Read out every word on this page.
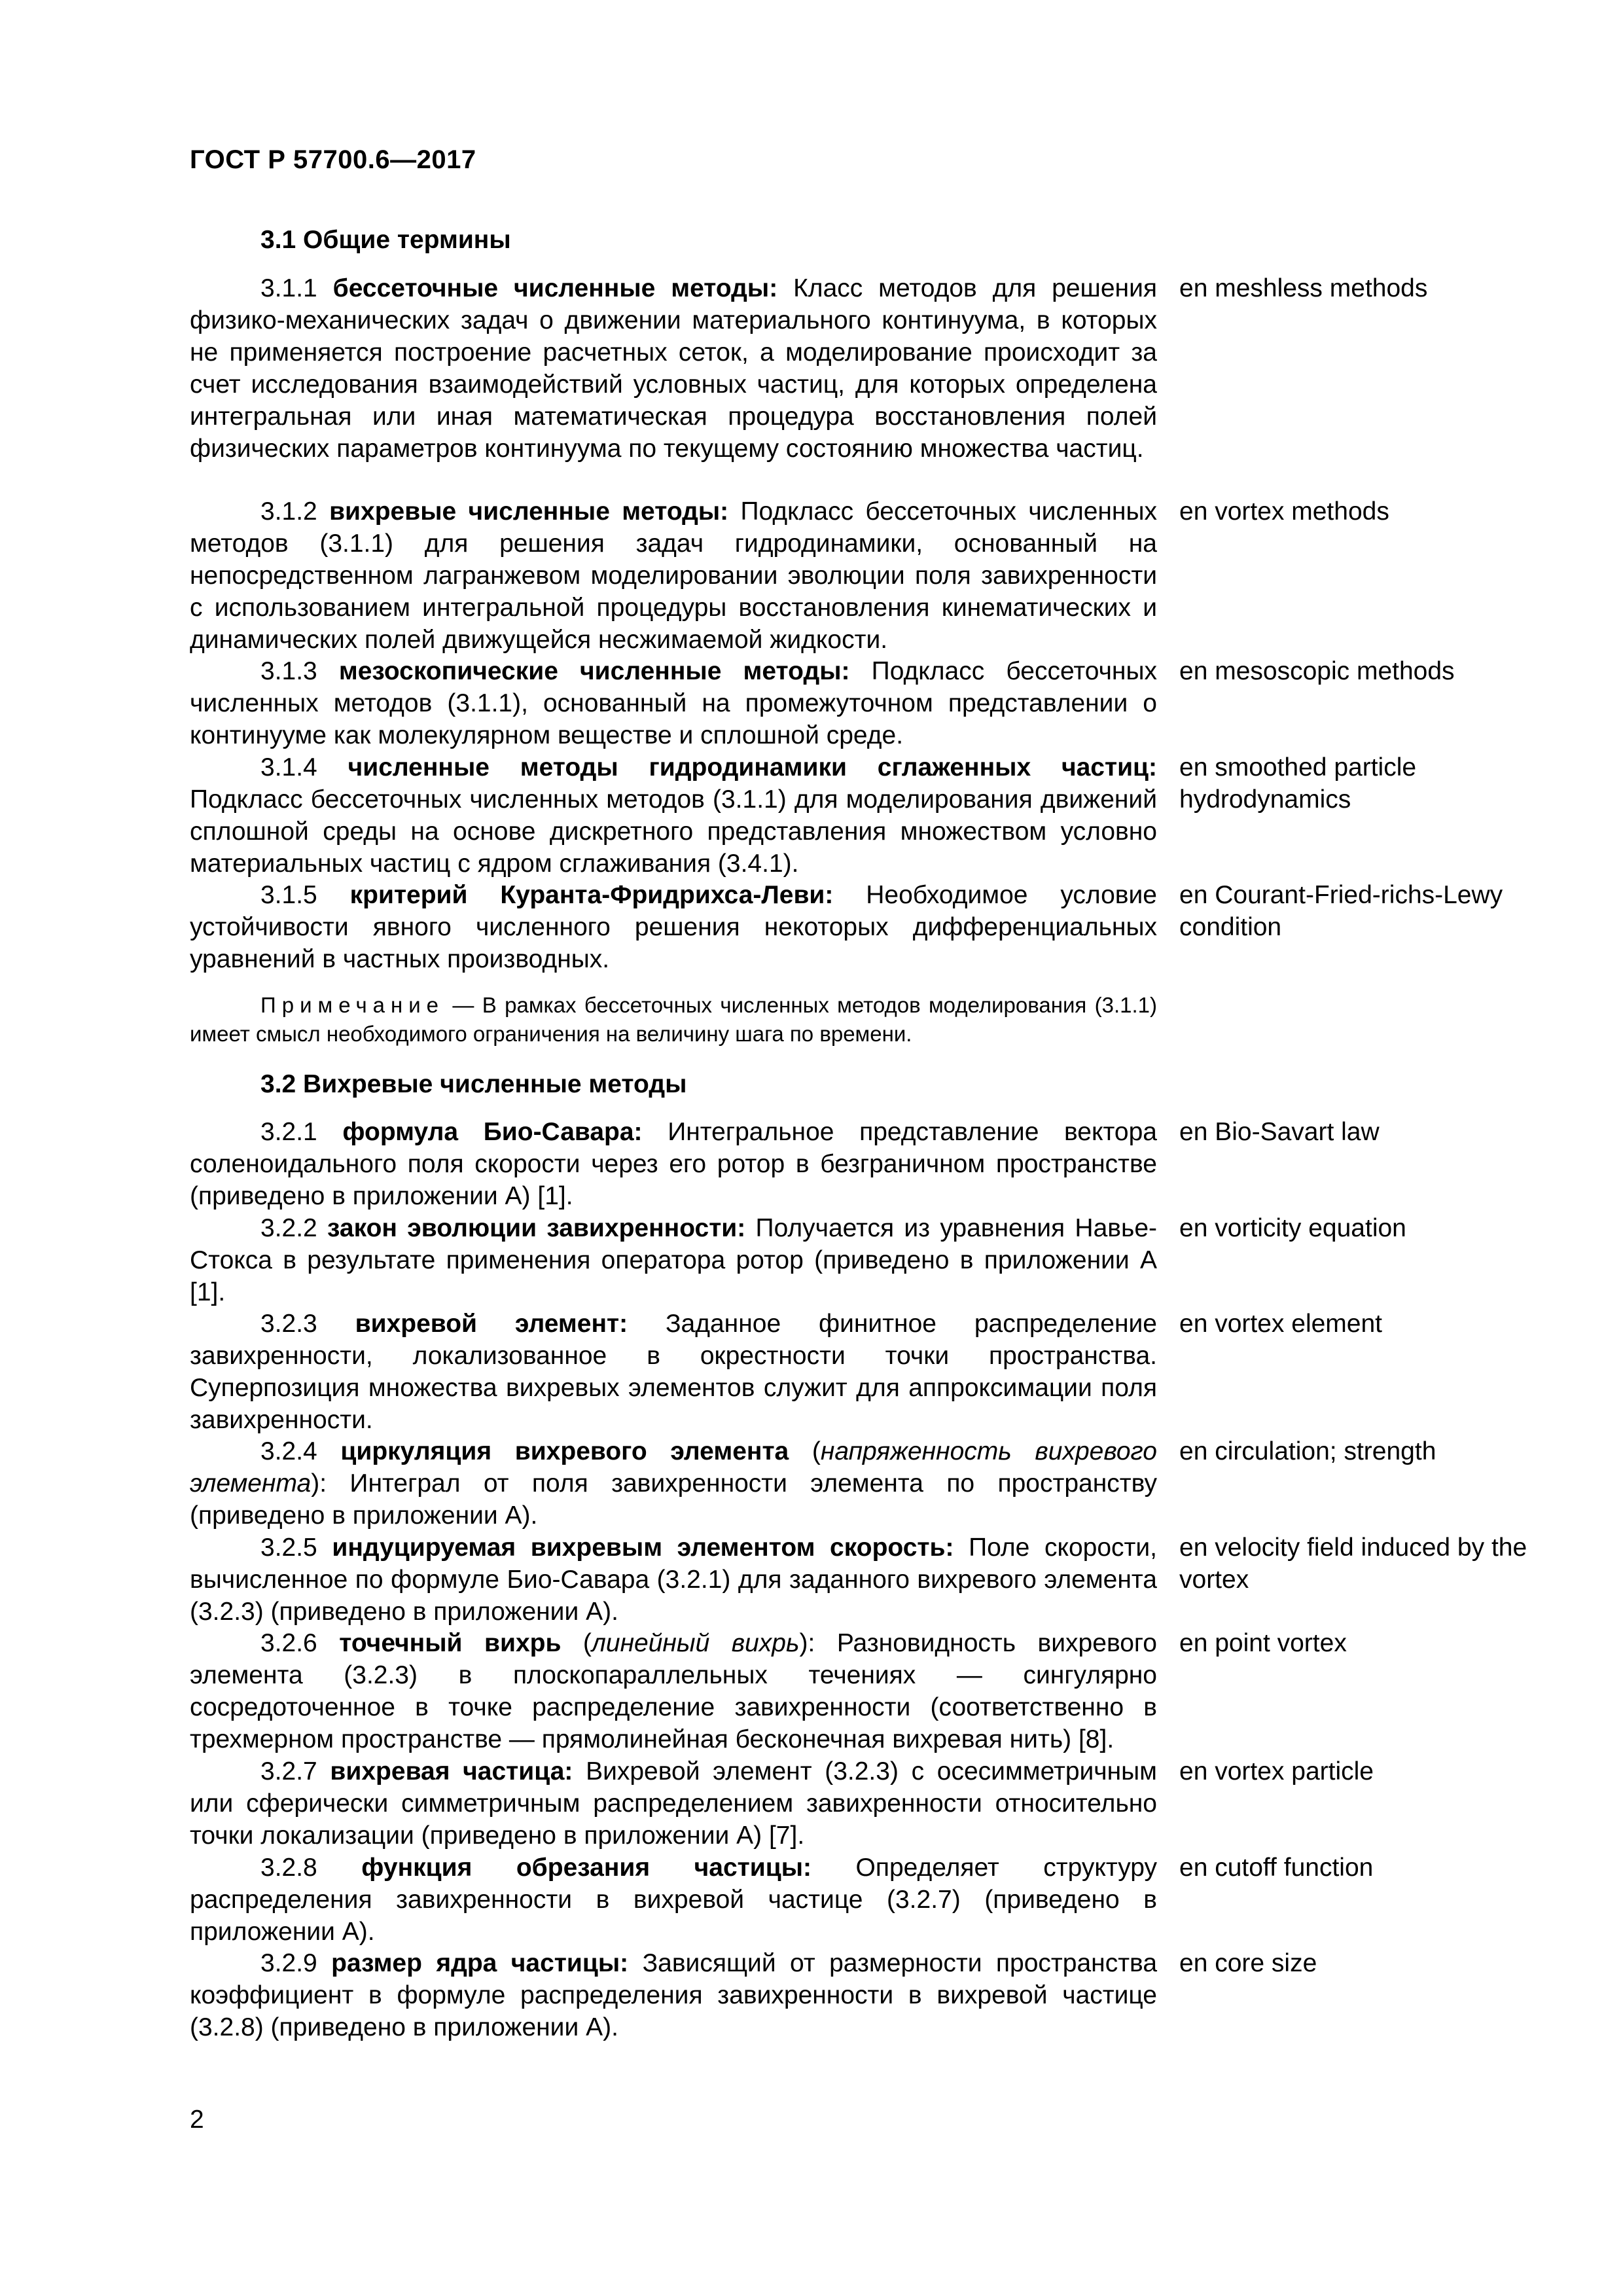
ГОСТ Р 57700.6—2017
3.1 Общие термины
3.1.1 бессеточные численные методы: Класс методов для решения физико-механических задач о движении материального континуума, в которых не применяется построение расчетных сеток, а моделирование происходит за счет исследования взаимодействий условных частиц, для которых определена интегральная или иная математическая процедура восстановления полей физических параметров континуума по текущему состоянию множества частиц.
en meshless methods
3.1.2 вихревые численные методы: Подкласс бессеточных численных методов (3.1.1) для решения задач гидродинамики, основанный на непосредственном лагранжевом моделировании эволюции поля завихренности с использованием интегральной процедуры восстановления кинематических и динамических полей движущейся несжимаемой жидкости.
en vortex methods
3.1.3 мезоскопические численные методы: Подкласс бессеточных численных методов (3.1.1), основанный на промежуточном представлении о континууме как молекулярном веществе и сплошной среде.
en mesoscopic methods
3.1.4 численные методы гидродинамики сглаженных частиц: Подкласс бессеточных численных методов (3.1.1) для моделирования движений сплошной среды на основе дискретного представления множеством условно материальных частиц с ядром сглаживания (3.4.1).
en smoothed particle hydrodynamics
3.1.5 критерий Куранта-Фридрихса-Леви: Необходимое условие устойчивости явного численного решения некоторых дифференциальных уравнений в частных производных.
en Courant-Fried-richs-Lewy condition
Примечание — В рамках бессеточных численных методов моделирования (3.1.1) имеет смысл необходимого ограничения на величину шага по времени.
3.2 Вихревые численные методы
3.2.1 формула Био-Савара: Интегральное представление вектора соленоидального поля скорости через его ротор в безграничном пространстве (приведено в приложении А) [1].
en Bio-Savart law
3.2.2 закон эволюции завихренности: Получается из уравнения Навье-Стокса в результате применения оператора ротор (приведено в приложении А [1].
en vorticity equation
3.2.3 вихревой элемент: Заданное финитное распределение завихренности, локализованное в окрестности точки пространства. Суперпозиция множества вихревых элементов служит для аппроксимации поля завихренности.
en vortex element
3.2.4 циркуляция вихревого элемента (напряженность вихревого элемента): Интеграл от поля завихренности элемента по пространству (приведено в приложении А).
en circulation; strength
3.2.5 индуцируемая вихревым элементом скорость: Поле скорости, вычисленное по формуле Био-Савара (3.2.1) для заданного вихревого элемента (3.2.3) (приведено в приложении А).
en velocity field induced by the vortex
3.2.6 точечный вихрь (линейный вихрь): Разновидность вихревого элемента (3.2.3) в плоскопараллельных течениях — сингулярно сосредоточенное в точке распределение завихренности (соответственно в трехмерном пространстве — прямолинейная бесконечная вихревая нить) [8].
en point vortex
3.2.7 вихревая частица: Вихревой элемент (3.2.3) с осесимметричным или сферически симметричным распределением завихренности относительно точки локализации (приведено в приложении А) [7].
en vortex particle
3.2.8 функция обрезания частицы: Определяет структуру распределения завихренности в вихревой частице (3.2.7) (приведено в приложении А).
en cutoff function
3.2.9 размер ядра частицы: Зависящий от размерности пространства коэффициент в формуле распределения завихренности в вихревой частице (3.2.8) (приведено в приложении А).
en core size
2
